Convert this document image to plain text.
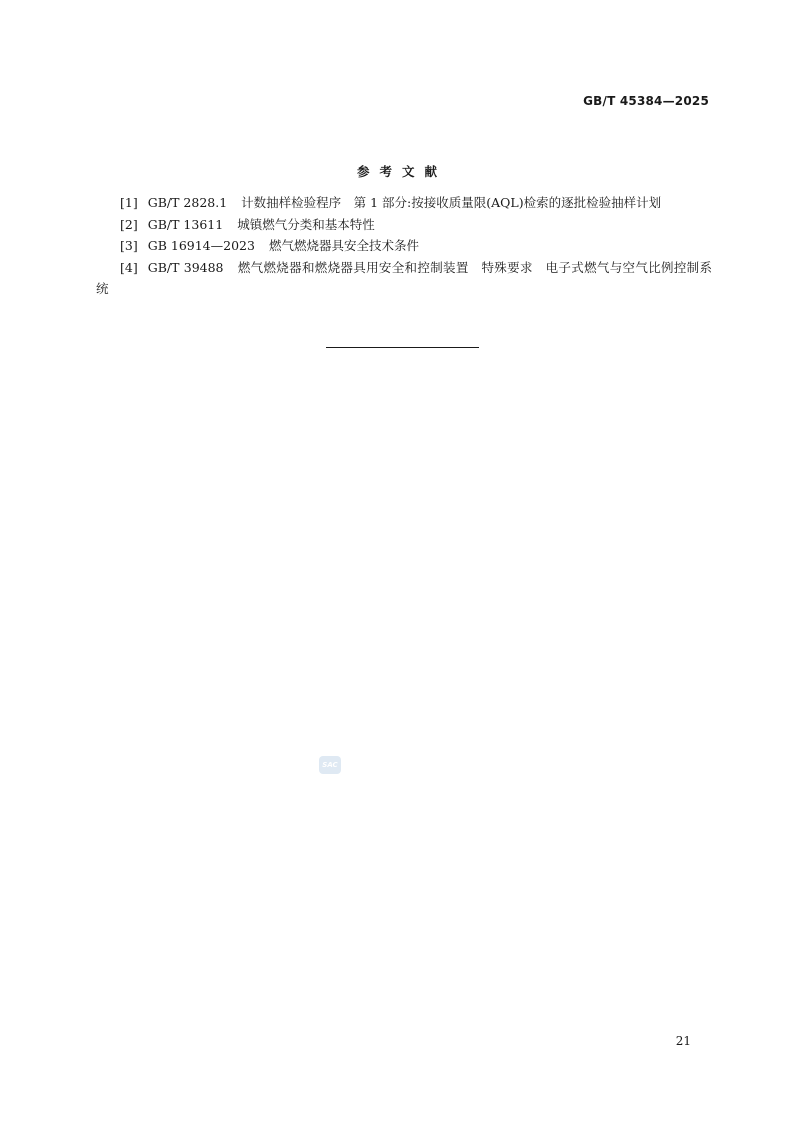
GB/T 45384—2025
参考文献

[1] GB/T 2828.1 计数抽样检验程序　第 1 部分:按接收质量限(AQL)检索的逐批检验抽样计划

[2] GB/T 13611 城镇燃气分类和基本特性

[3] GB 16914—2023 燃气燃烧器具安全技术条件

[4] GB/T 39488 燃气燃烧器和燃烧器具用安全和控制装置　特殊要求　电子式燃气与空气比例控制系统

SAC
21
